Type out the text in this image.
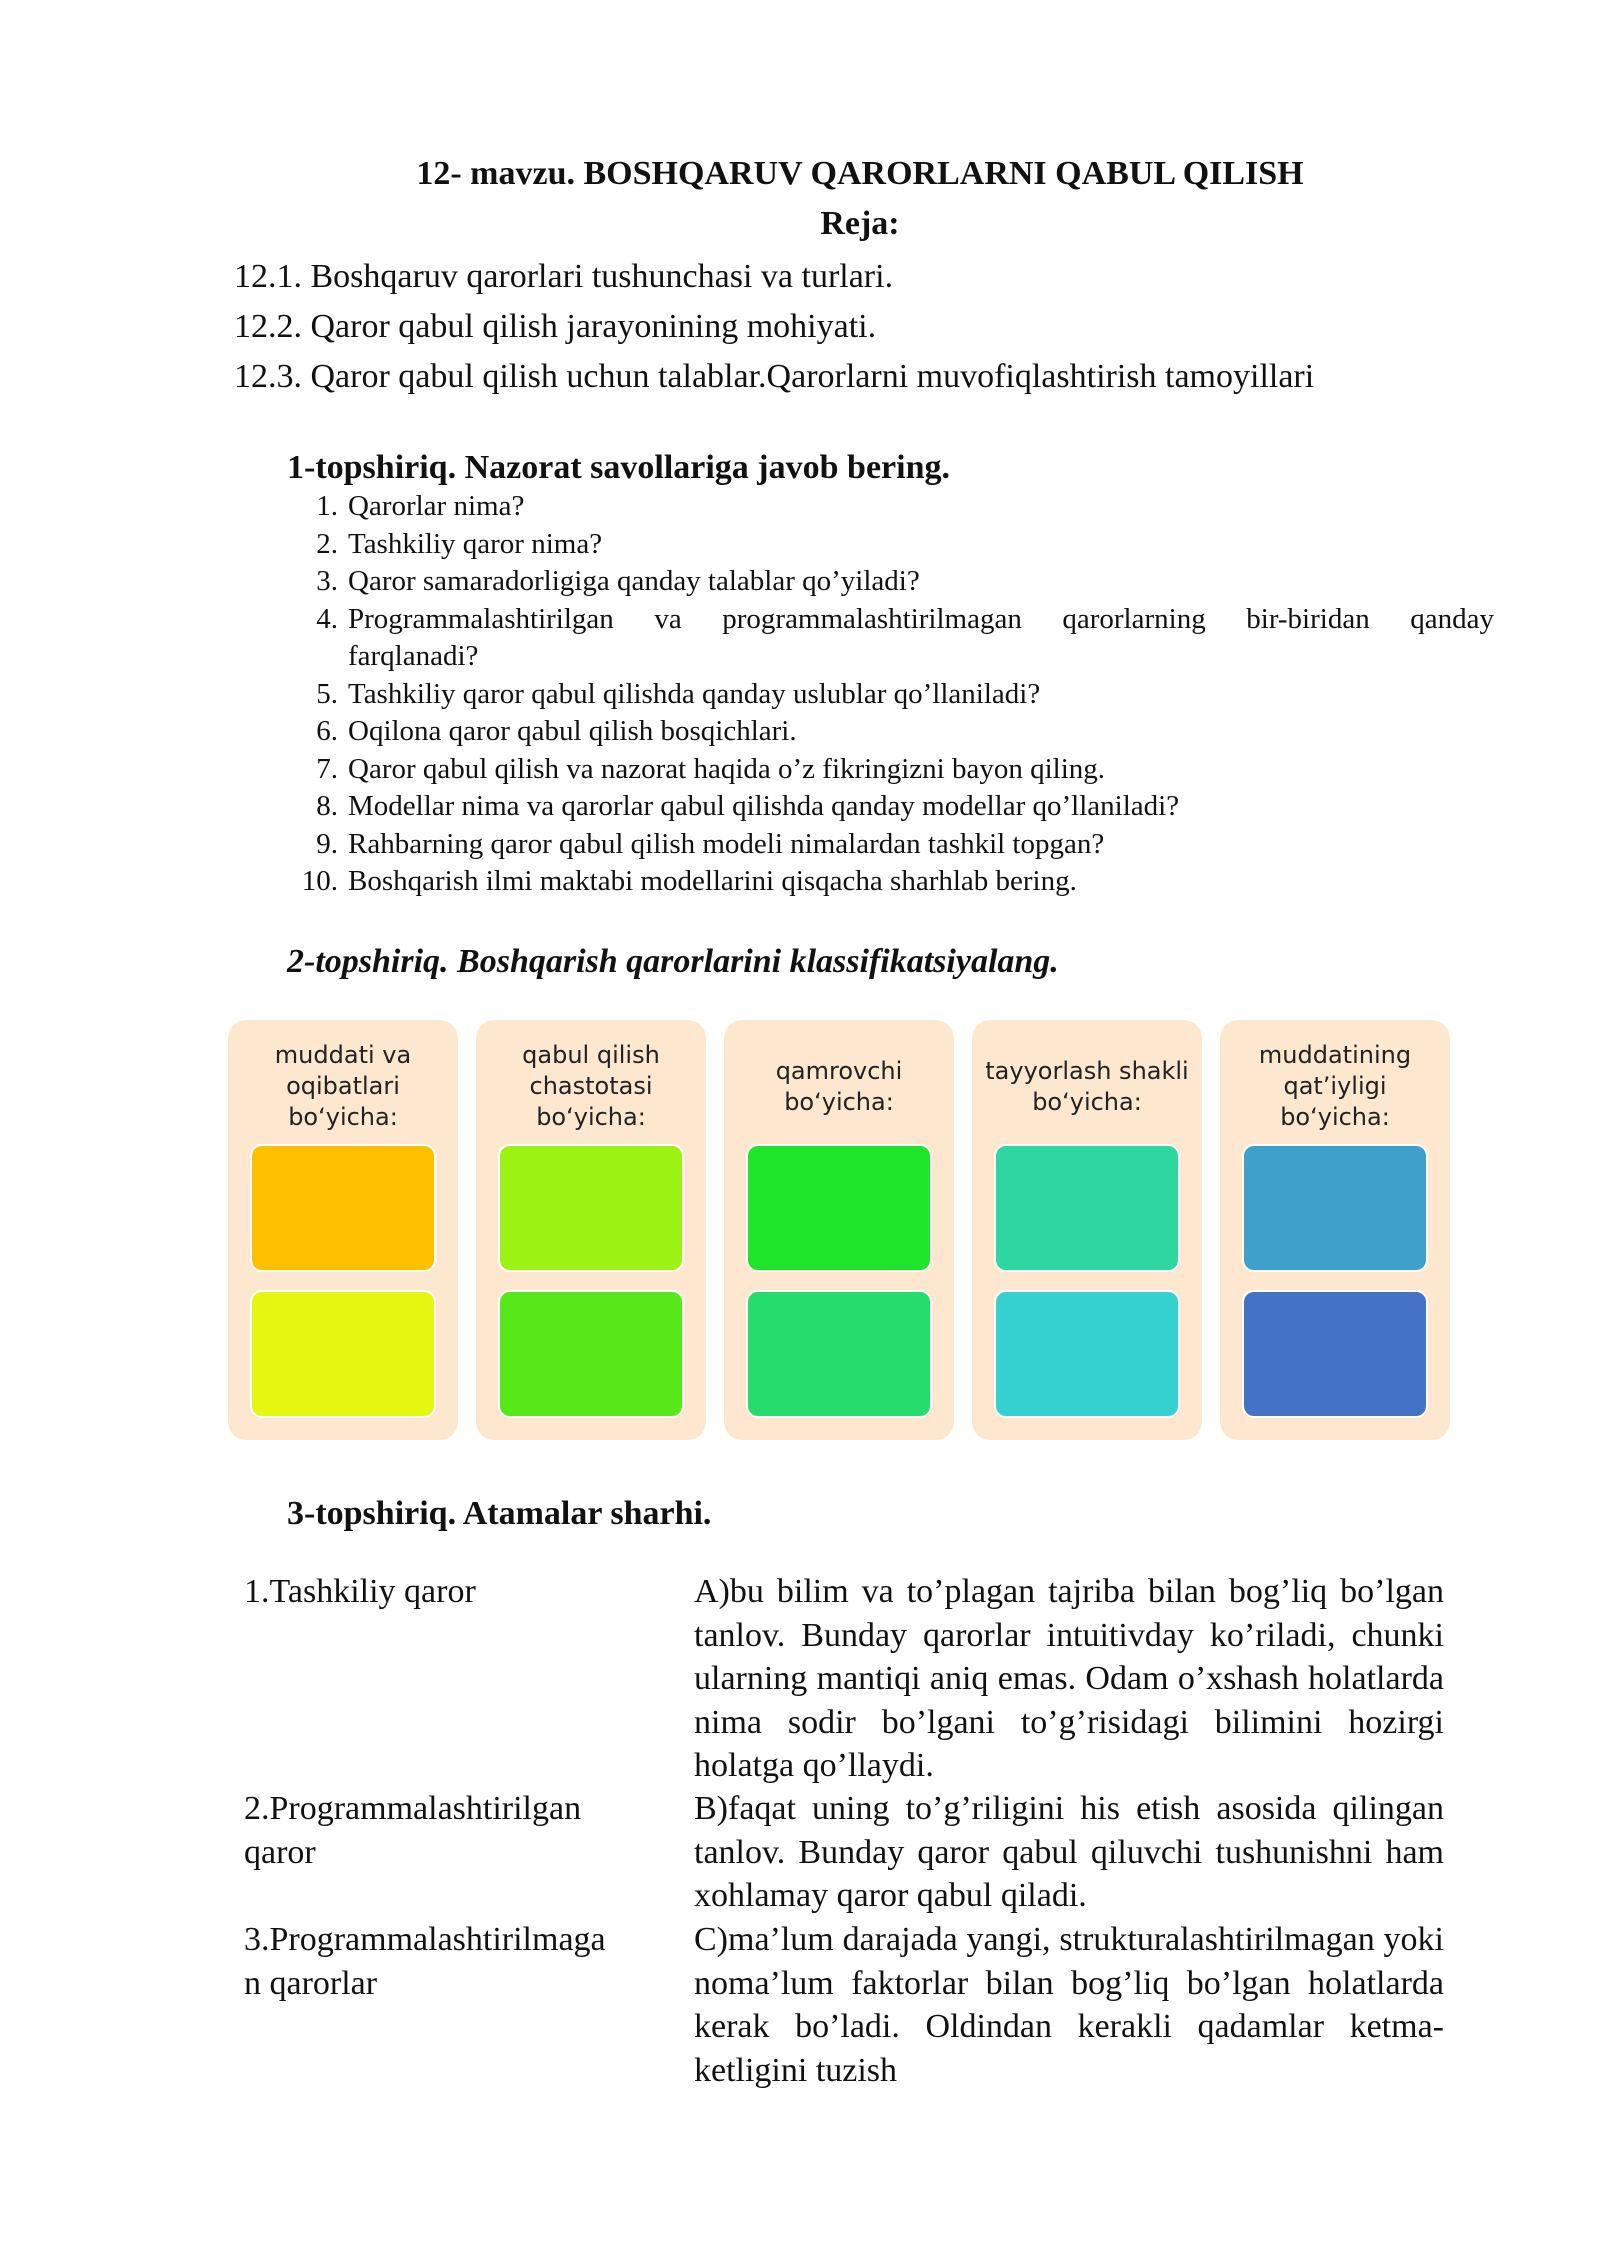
12- mavzu. BOSHQARUV QARORLARNI QABUL QILISH
Reja:
12.1. Boshqaruv qarorlari tushunchasi va turlari.
12.2. Qaror qabul qilish jarayonining mohiyati.
12.3. Qaror qabul qilish uchun talablar.Qarorlarni muvofiqlashtirish tamoyillari
1-topshiriq. Nazorat savollariga javob bering.
1. Qarorlar nima?
2. Tashkiliy qaror nima?
3. Qaror samaradorligiga qanday talablar qo’yiladi?
4. Programmalashtirilgan va programmalashtirilmagan qarorlarning bir-biridan qanday
farqlanadi?
5. Tashkiliy qaror qabul qilishda qanday uslublar qo’llaniladi?
6. Oqilona qaror qabul qilish bosqichlari.
7. Qaror qabul qilish va nazorat haqida o’z fikringizni bayon qiling.
8. Modellar nima va qarorlar qabul qilishda qanday modellar qo’llaniladi?
9. Rahbarning qaror qabul qilish modeli nimalardan tashkil topgan?
10. Boshqarish ilmi maktabi modellarini qisqacha sharhlab bering.
2-topshiriq. Boshqarish qarorlarini klassifikatsiyalang.
muddati va
oqibatlari
bo‘yicha:
qabul qilish
chastotasi
bo‘yicha:
qamrovchi
bo‘yicha:
tayyorlash shakli
bo‘yicha:
muddatining
qat’iyligi
bo‘yicha:
3-topshiriq. Atamalar sharhi.
1.Tashkiliy qaror	A)bu bilim va to’plagan tajriba bilan bog’liq bo’lgan tanlov. Bunday qarorlar intuitivday ko’riladi, chunki ularning mantiqi aniq emas. Odam o’xshash holatlarda nima sodir bo’lgani to’g’risidagi bilimini hozirgi holatga qo’llaydi.
2.Programmalashtirilgan
qaror
B)faqat uning to’g’riligini his etish asosida qilingan tanlov. Bunday qaror qabul qiluvchi tushunishni ham xohlamay qaror qabul qiladi.
3.Programmalashtirilmaga
n qarorlar
C)ma’lum darajada yangi, strukturalashtirilmagan yoki noma’lum faktorlar bilan bog’liq bo’lgan holatlarda kerak bo’ladi. Oldindan kerakli qadamlar ketma-ketligini tuzish
